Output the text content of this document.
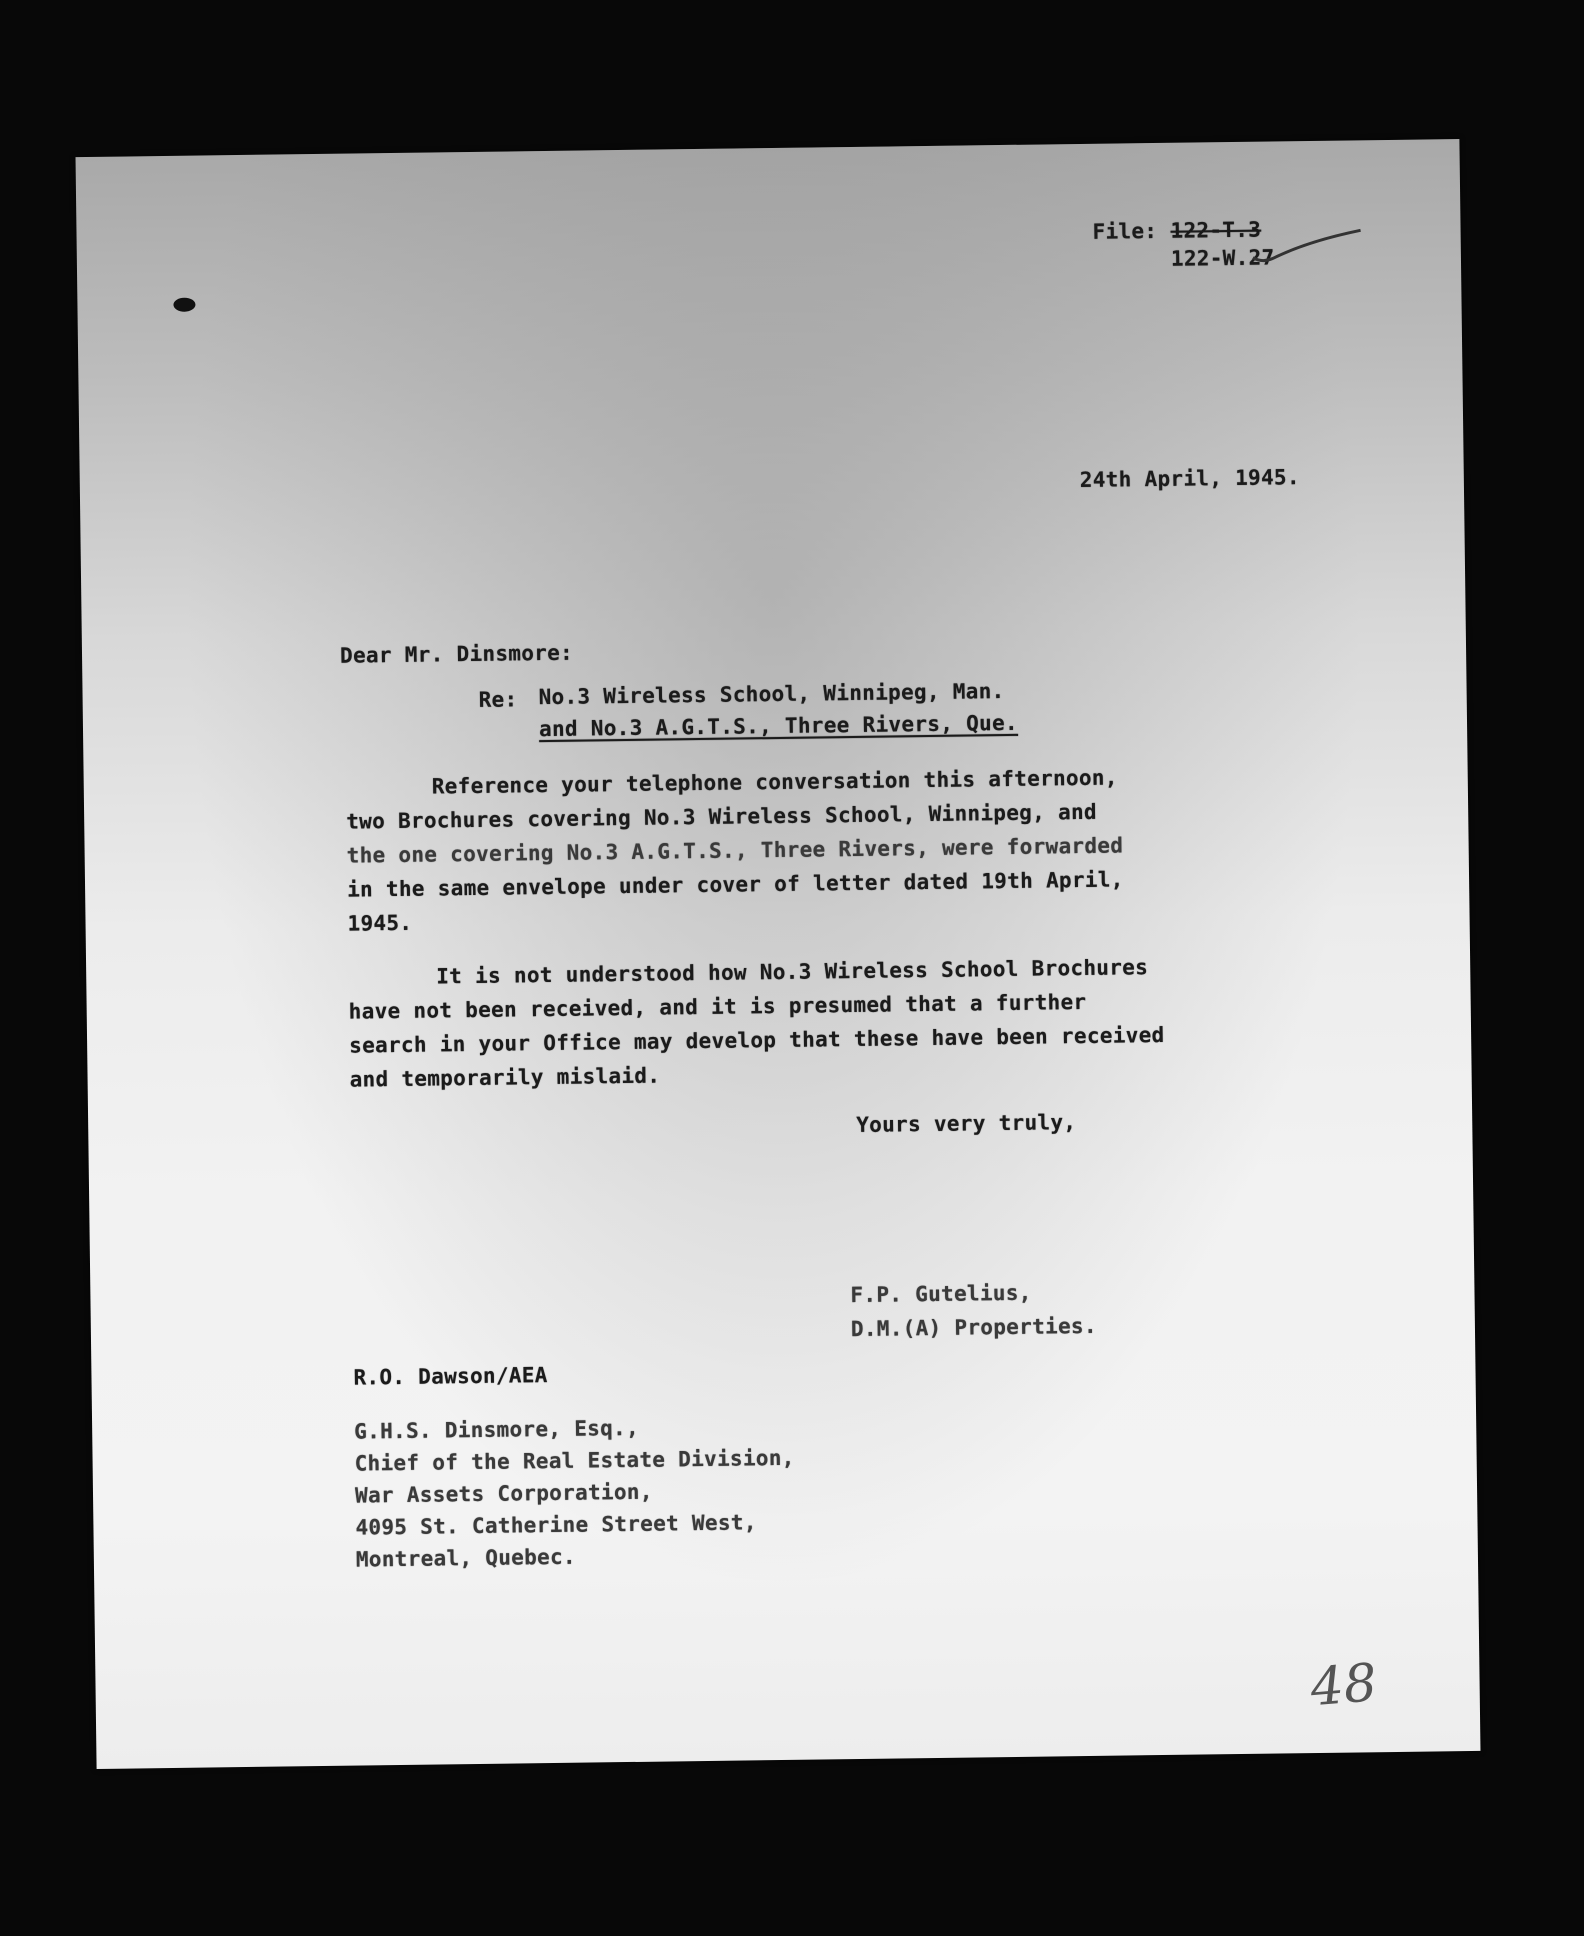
File: 122-T.3
122-W.27
24th April, 1945.
Dear Mr. Dinsmore:
Re: No.3 Wireless School, Winnipeg, Man.
and No.3 A.G.T.S., Three Rivers, Que.
Reference your telephone conversation this afternoon,
two Brochures covering No.3 Wireless School, Winnipeg, and
the one covering No.3 A.G.T.S., Three Rivers, were forwarded
in the same envelope under cover of letter dated 19th April,
1945.
It is not understood how No.3 Wireless School Brochures
have not been received, and it is presumed that a further
search in your Office may develop that these have been received
and temporarily mislaid.
Yours very truly,
F.P. Gutelius,
D.M.(A) Properties.
R.O. Dawson/AEA
G.H.S. Dinsmore, Esq.,
Chief of the Real Estate Division,
War Assets Corporation,
4095 St. Catherine Street West,
Montreal, Quebec.
48
